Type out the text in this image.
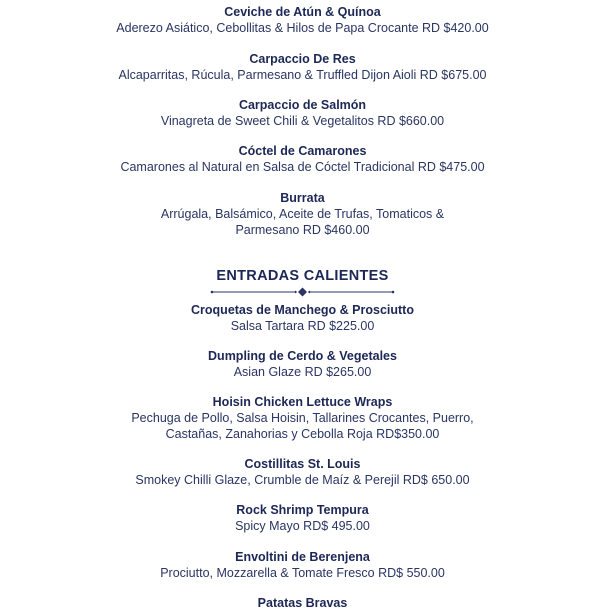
Ceviche de Atún & Quínoa
Aderezo Asiático, Cebollitas & Hilos de Papa Crocante RD $420.00
Carpaccio De Res
Alcaparritas, Rúcula, Parmesano & Truffled Dijon Aioli RD $675.00
Carpaccio de Salmón
Vinagreta de Sweet Chili & Vegetalitos RD $660.00
Cóctel de Camarones
Camarones al Natural en Salsa de Cóctel Tradicional RD $475.00
Burrata
Arrúgala, Balsámico, Aceite de Trufas, Tomaticos &
Parmesano RD $460.00
ENTRADAS CALIENTES
Croquetas de Manchego & Prosciutto
Salsa Tartara RD $225.00
Dumpling de Cerdo & Vegetales
Asian Glaze RD $265.00
Hoisin Chicken Lettuce Wraps
Pechuga de Pollo, Salsa Hoisin, Tallarines Crocantes, Puerro,
Castañas, Zanahorias y Cebolla Roja RD$350.00
Costillitas St. Louis
Smokey Chilli Glaze, Crumble de Maíz & Perejil RD$ 650.00
Rock Shrimp Tempura
Spicy Mayo RD$ 495.00
Envoltini de Berenjena
Prociutto, Mozzarella & Tomate Fresco RD$ 550.00
Patatas Bravas
